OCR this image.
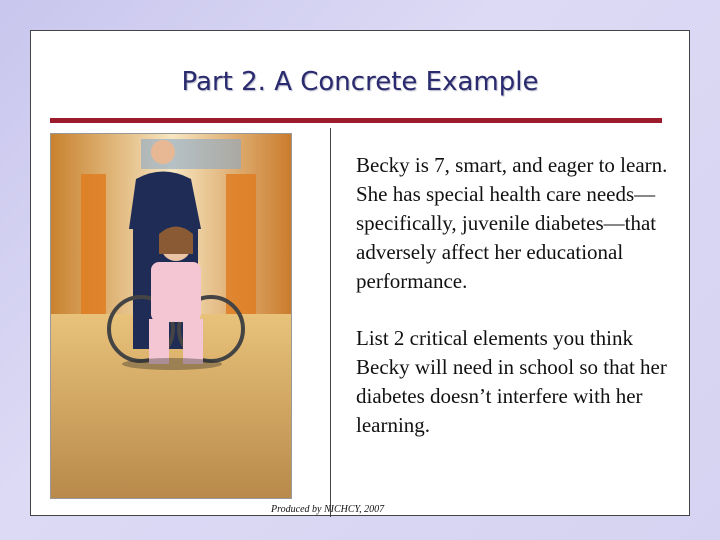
Part 2. A Concrete Example

Becky is 7, smart, and eager to learn. She has special health care needs—specifically, juvenile diabetes—that adversely affect her educational performance.

List 2 critical elements you think Becky will need in school so that her diabetes doesn’t interfere with her learning.

Produced by NICHCY, 2007
